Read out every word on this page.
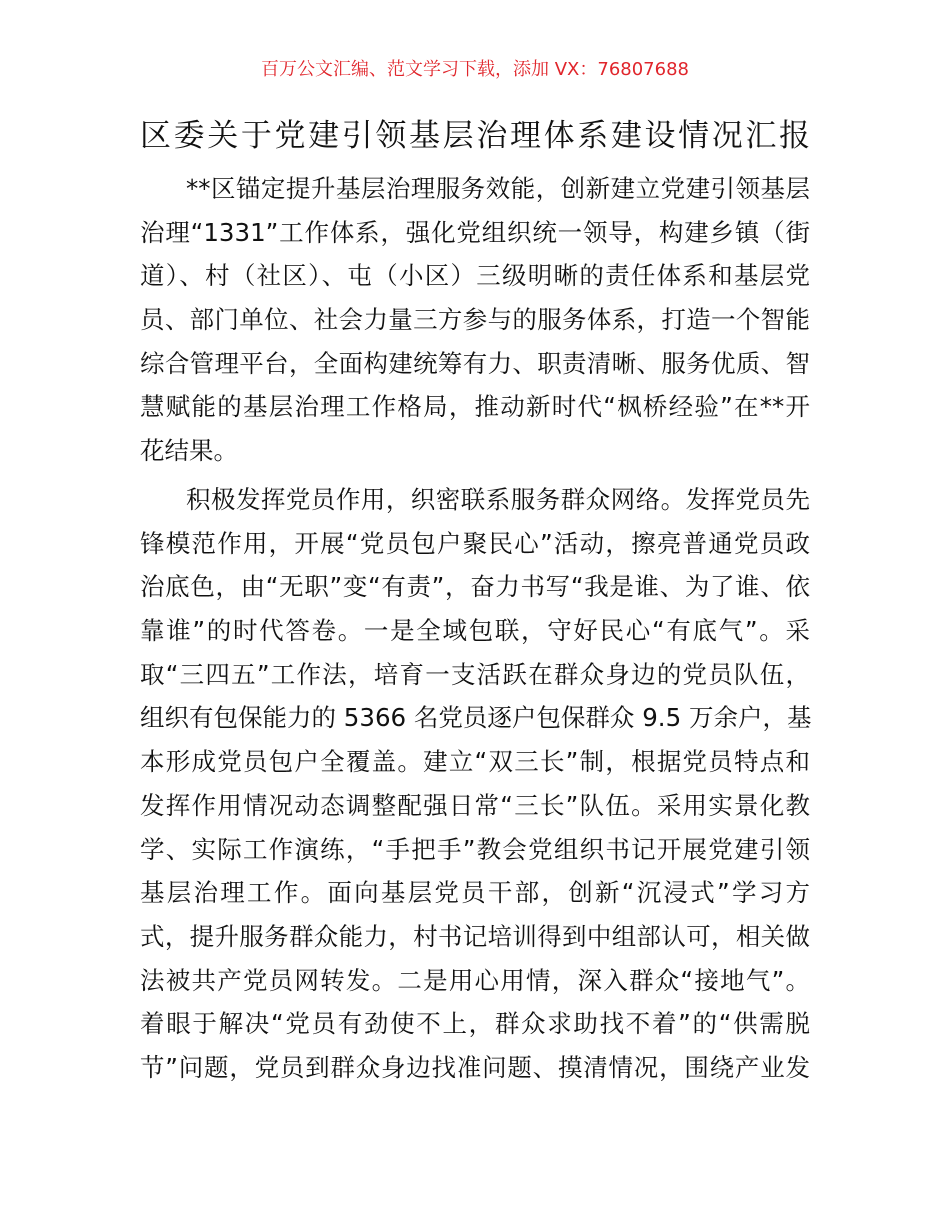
百万公文汇编、范文学习下载，添加 VX：76807688
区委关于党建引领基层治理体系建设情况汇报
**区锚定提升基层治理服务效能，创新建立党建引领基层
治理“1331”工作体系，强化党组织统一领导，构建乡镇（街
道）、村（社区）、屯（小区）三级明晰的责任体系和基层党
员、部门单位、社会力量三方参与的服务体系，打造一个智能
综合管理平台，全面构建统筹有力、职责清晰、服务优质、智
慧赋能的基层治理工作格局，推动新时代“枫桥经验”在**开
花结果。
积极发挥党员作用，织密联系服务群众网络。发挥党员先
锋模范作用，开展“党员包户聚民心”活动，擦亮普通党员政
治底色，由“无职”变“有责”，奋力书写“我是谁、为了谁、依
靠谁”的时代答卷。一是全域包联，守好民心“有底气”。采
取“三四五”工作法，培育一支活跃在群众身边的党员队伍，
组织有包保能力的 5366 名党员逐户包保群众 9.5 万余户，基
本形成党员包户全覆盖。建立“双三长”制，根据党员特点和
发挥作用情况动态调整配强日常“三长”队伍。采用实景化教
学、实际工作演练，“手把手”教会党组织书记开展党建引领
基层治理工作。面向基层党员干部，创新“沉浸式”学习方
式，提升服务群众能力，村书记培训得到中组部认可，相关做
法被共产党员网转发。二是用心用情，深入群众“接地气”。
着眼于解决“党员有劲使不上，群众求助找不着”的“供需脱
节”问题，党员到群众身边找准问题、摸清情况，围绕产业发
